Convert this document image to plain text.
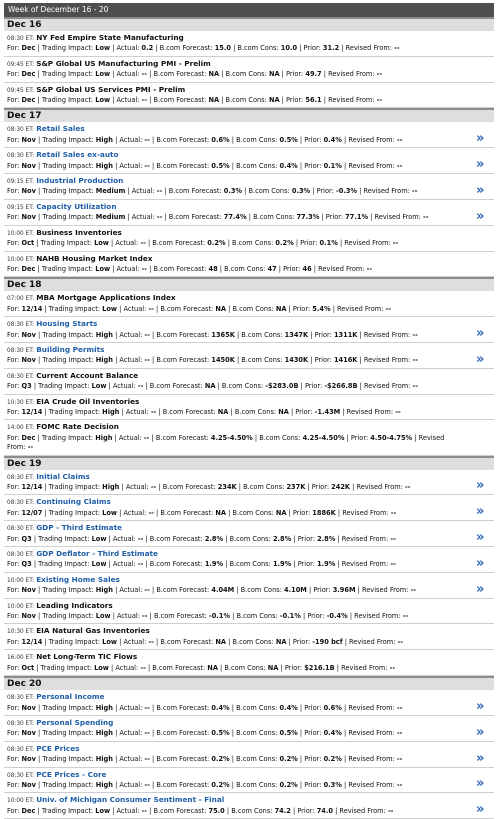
Week of December 16 - 20
Dec 16
08:30 ET: NY Fed Empire State Manufacturing
For: Dec | Trading Impact: Low | Actual: 0.2 | B.com Forecast: 15.0 | B.com Cons: 10.0 | Prior: 31.2 | Revised From: --
09:45 ET: S&P Global US Manufacturing PMI - Prelim
For: Dec | Trading Impact: Low | Actual: -- | B.com Forecast: NA | B.com Cons: NA | Prior: 49.7 | Revised From: --
09:45 ET: S&P Global US Services PMI - Prelim
For: Dec | Trading Impact: Low | Actual: -- | B.com Forecast: NA | B.com Cons: NA | Prior: 56.1 | Revised From: --
Dec 17
08:30 ET: Retail Sales
For: Nov | Trading Impact: High | Actual: -- | B.com Forecast: 0.6% | B.com Cons: 0.5% | Prior: 0.4% | Revised From: --	»
08:30 ET: Retail Sales ex-auto
For: Nov | Trading Impact: High | Actual: -- | B.com Forecast: 0.5% | B.com Cons: 0.4% | Prior: 0.1% | Revised From: --	»
09:15 ET: Industrial Production
For: Nov | Trading Impact: Medium | Actual: -- | B.com Forecast: 0.3% | B.com Cons: 0.3% | Prior: -0.3% | Revised From: --	»
09:15 ET: Capacity Utilization
For: Nov | Trading Impact: Medium | Actual: -- | B.com Forecast: 77.4% | B.com Cons: 77.3% | Prior: 77.1% | Revised From: --	»
10:00 ET: Business Inventories
For: Oct | Trading Impact: Low | Actual: -- | B.com Forecast: 0.2% | B.com Cons: 0.2% | Prior: 0.1% | Revised From: --
10:00 ET: NAHB Housing Market Index
For: Dec | Trading Impact: Low | Actual: -- | B.com Forecast: 48 | B.com Cons: 47 | Prior: 46 | Revised From: --
Dec 18
07:00 ET: MBA Mortgage Applications Index
For: 12/14 | Trading Impact: Low | Actual: -- | B.com Forecast: NA | B.com Cons: NA | Prior: 5.4% | Revised From: --
08:30 ET: Housing Starts
For: Nov | Trading Impact: High | Actual: -- | B.com Forecast: 1365K | B.com Cons: 1347K | Prior: 1311K | Revised From: --	»
08:30 ET: Building Permits
For: Nov | Trading Impact: High | Actual: -- | B.com Forecast: 1450K | B.com Cons: 1430K | Prior: 1416K | Revised From: --	»
08:30 ET: Current Account Balance
For: Q3 | Trading Impact: Low | Actual: -- | B.com Forecast: NA | B.com Cons: -$283.0B | Prior: -$266.8B | Revised From: --
10:30 ET: EIA Crude Oil Inventories
For: 12/14 | Trading Impact: High | Actual: -- | B.com Forecast: NA | B.com Cons: NA | Prior: -1.43M | Revised From: --
14:00 ET: FOMC Rate Decision
For: Dec | Trading Impact: High | Actual: -- | B.com Forecast: 4.25-4.50% | B.com Cons: 4.25-4.50% | Prior: 4.50-4.75% | Revised From: --
Dec 19
08:30 ET: Initial Claims
For: 12/14 | Trading Impact: High | Actual: -- | B.com Forecast: 234K | B.com Cons: 237K | Prior: 242K | Revised From: --	»
08:30 ET: Continuing Claims
For: 12/07 | Trading Impact: Low | Actual: -- | B.com Forecast: NA | B.com Cons: NA | Prior: 1886K | Revised From: --	»
08:30 ET: GDP - Third Estimate
For: Q3 | Trading Impact: Low | Actual: -- | B.com Forecast: 2.8% | B.com Cons: 2.8% | Prior: 2.8% | Revised From: --	»
08:30 ET: GDP Deflator - Third Estimate
For: Q3 | Trading Impact: Low | Actual: -- | B.com Forecast: 1.9% | B.com Cons: 1.9% | Prior: 1.9% | Revised From: --	»
10:00 ET: Existing Home Sales
For: Nov | Trading Impact: High | Actual: -- | B.com Forecast: 4.04M | B.com Cons: 4.10M | Prior: 3.96M | Revised From: --	»
10:00 ET: Leading Indicators
For: Nov | Trading Impact: Low | Actual: -- | B.com Forecast: -0.1% | B.com Cons: -0.1% | Prior: -0.4% | Revised From: --
10:30 ET: EIA Natural Gas Inventories
For: 12/14 | Trading Impact: Low | Actual: -- | B.com Forecast: NA | B.com Cons: NA | Prior: -190 bcf | Revised From: --
16:00 ET: Net Long-Term TIC Flows
For: Oct | Trading Impact: Low | Actual: -- | B.com Forecast: NA | B.com Cons: NA | Prior: $216.1B | Revised From: --
Dec 20
08:30 ET: Personal Income
For: Nov | Trading Impact: High | Actual: -- | B.com Forecast: 0.4% | B.com Cons: 0.4% | Prior: 0.6% | Revised From: --	»
08:30 ET: Personal Spending
For: Nov | Trading Impact: High | Actual: -- | B.com Forecast: 0.5% | B.com Cons: 0.5% | Prior: 0.4% | Revised From: --	»
08:30 ET: PCE Prices
For: Nov | Trading Impact: High | Actual: -- | B.com Forecast: 0.2% | B.com Cons: 0.2% | Prior: 0.2% | Revised From: --	»
08:30 ET: PCE Prices - Core
For: Nov | Trading Impact: High | Actual: -- | B.com Forecast: 0.2% | B.com Cons: 0.2% | Prior: 0.3% | Revised From: --	»
10:00 ET: Univ. of Michigan Consumer Sentiment - Final
For: Dec | Trading Impact: Low | Actual: -- | B.com Forecast: 75.0 | B.com Cons: 74.2 | Prior: 74.0 | Revised From: --	»
